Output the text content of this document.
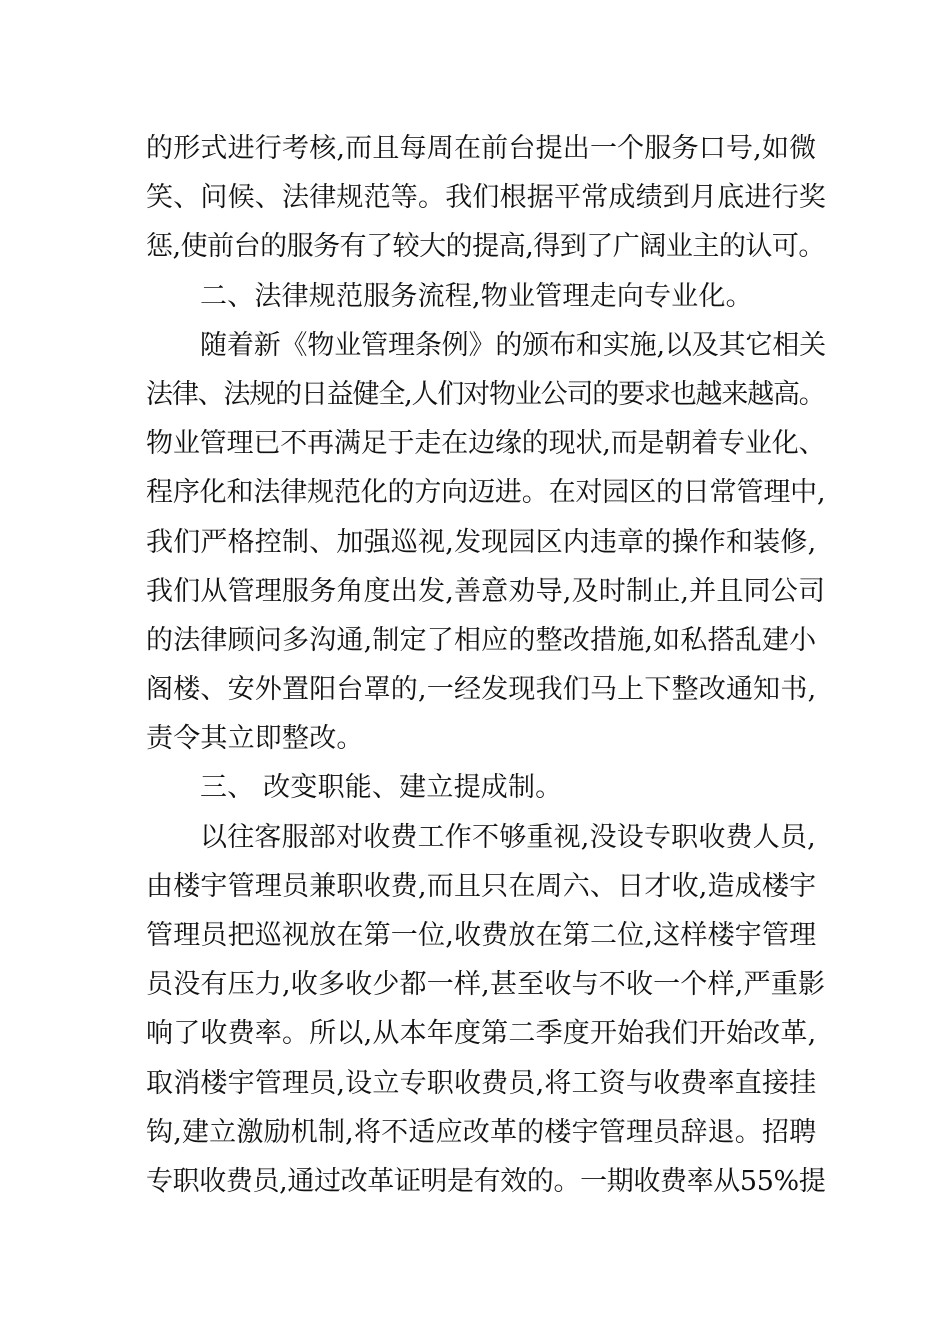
的形式进行考核,而且每周在前台提出一个服务口号,如微
笑、问候、法律规范等。我们根据平常成绩到月底进行奖
惩,使前台的服务有了较大的提高,得到了广阔业主的认可。
二、法律规范服务流程,物业管理走向专业化。
随着新《物业管理条例》的颁布和实施,以及其它相关
法律、法规的日益健全,人们对物业公司的要求也越来越高。
物业管理已不再满足于走在边缘的现状,而是朝着专业化、
程序化和法律规范化的方向迈进。在对园区的日常管理中,
我们严格控制、加强巡视,发现园区内违章的操作和装修,
我们从管理服务角度出发,善意劝导,及时制止,并且同公司
的法律顾问多沟通,制定了相应的整改措施,如私搭乱建小
阁楼、安外置阳台罩的,一经发现我们马上下整改通知书,
责令其立即整改。
三、 改变职能、建立提成制。
以往客服部对收费工作不够重视,没设专职收费人员,
由楼宇管理员兼职收费,而且只在周六、日才收,造成楼宇
管理员把巡视放在第一位,收费放在第二位,这样楼宇管理
员没有压力,收多收少都一样,甚至收与不收一个样,严重影
响了收费率。所以,从本年度第二季度开始我们开始改革,
取消楼宇管理员,设立专职收费员,将工资与收费率直接挂
钩,建立激励机制,将不适应改革的楼宇管理员辞退。招聘
专职收费员,通过改革证明是有效的。一期收费率从55%提
